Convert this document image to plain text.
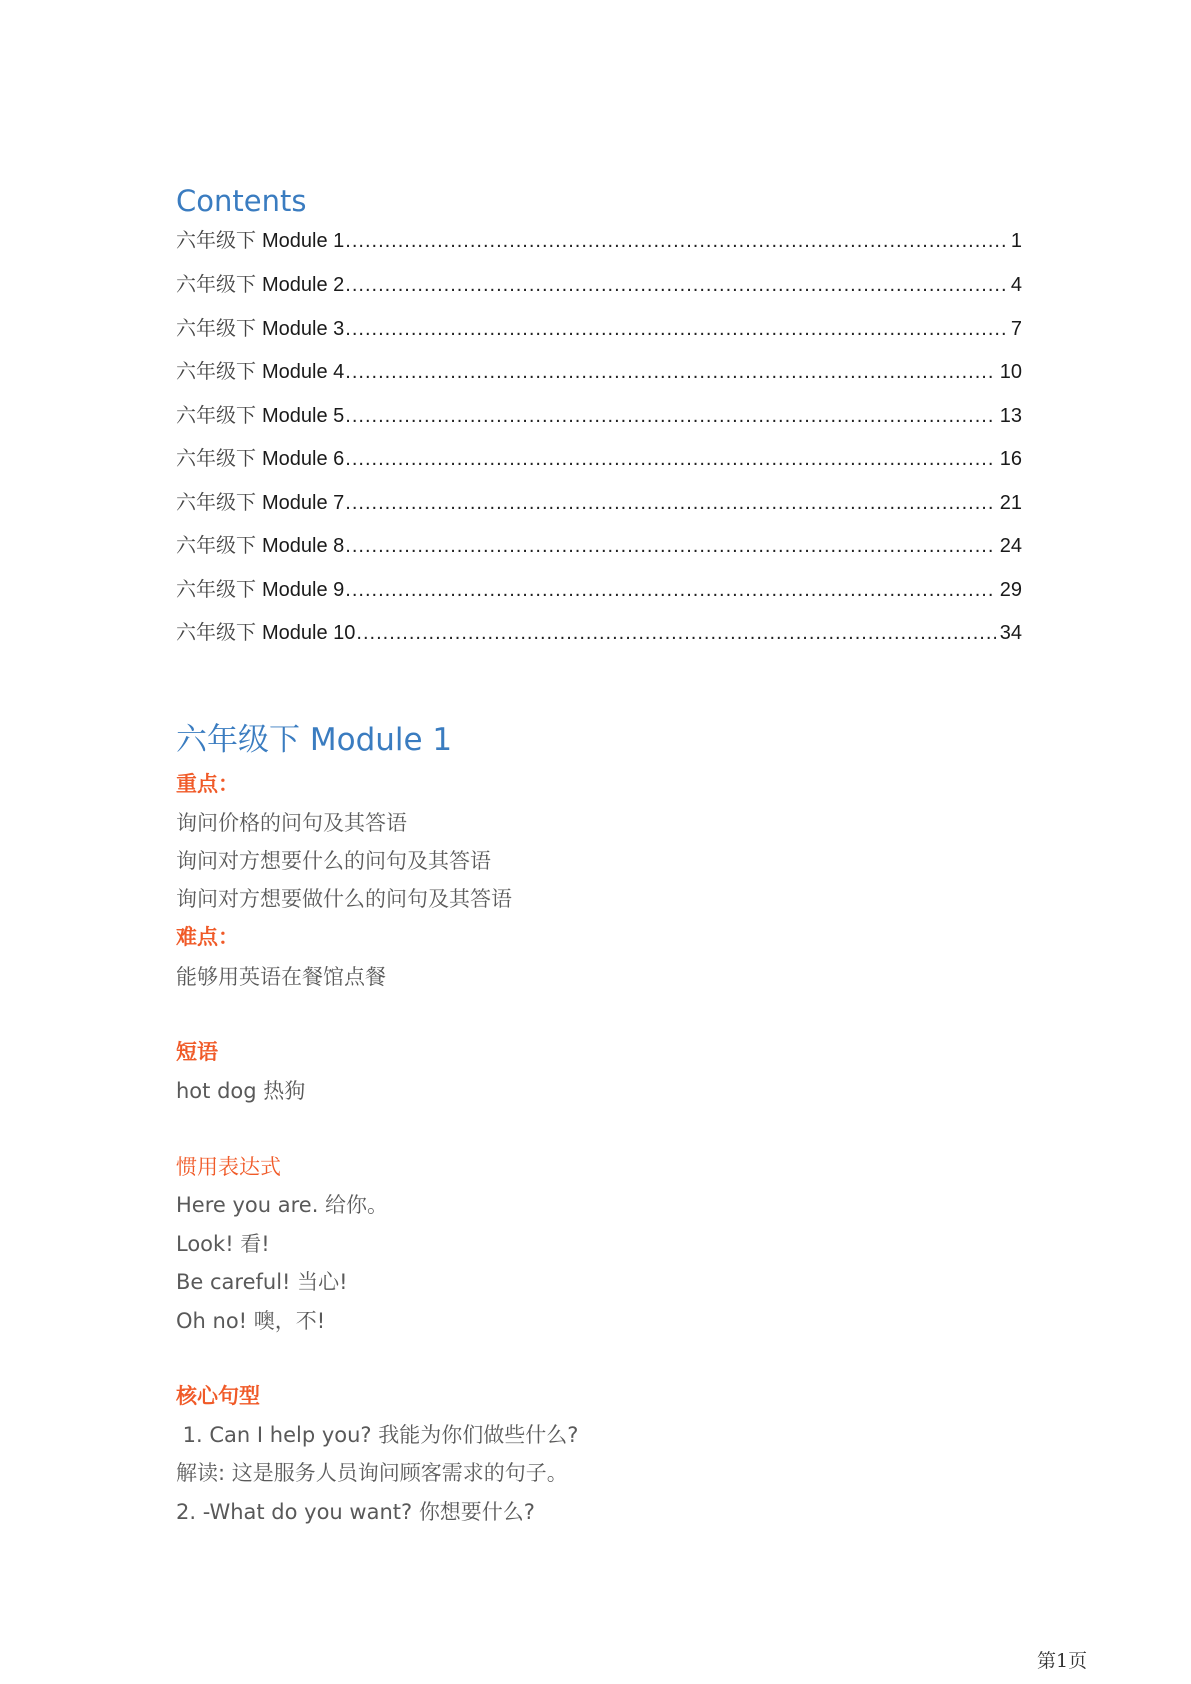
Contents
六年级下 Module 1 .....	1
六年级下 Module 2 .....	4
六年级下 Module 3 .....	7
六年级下 Module 4 .....	10
六年级下 Module 5 .....	13
六年级下 Module 6 .....	16
六年级下 Module 7 .....	21
六年级下 Module 8 .....	24
六年级下 Module 9 .....	29
六年级下 Module 10 .....	34
六年级下 Module 1
重点：
询问价格的问句及其答语
询问对方想要什么的问句及其答语
询问对方想要做什么的问句及其答语
难点：
能够用英语在餐馆点餐
短语
hot dog 热狗
惯用表达式
Here you are. 给你。
Look! 看!
Be careful! 当心!
Oh no! 噢，不!
核心句型
1. Can I help you? 我能为你们做些什么?
解读: 这是服务人员询问顾客需求的句子。
2. -What do you want? 你想要什么?
第1页
